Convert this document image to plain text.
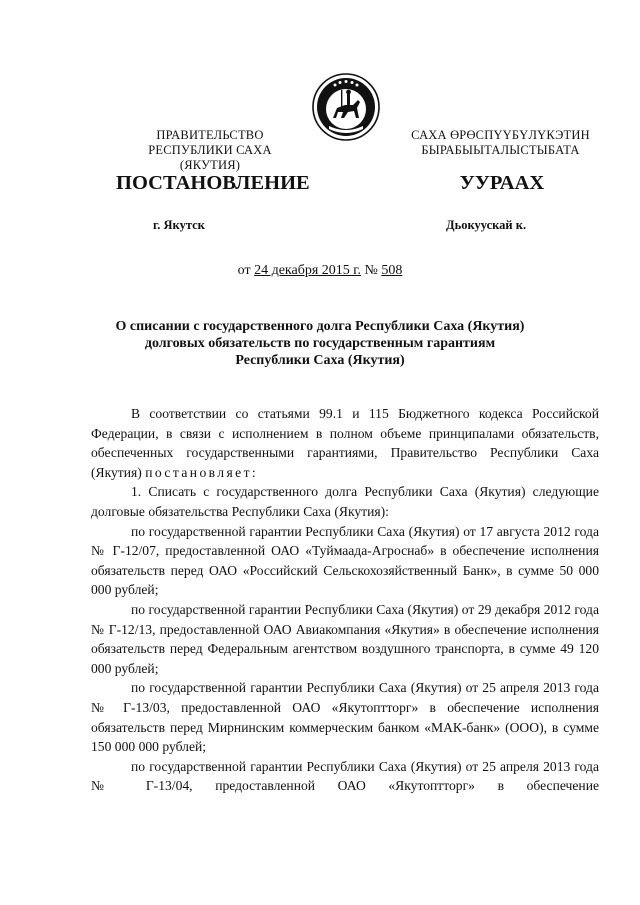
ПРАВИТЕЛЬСТВО
РЕСПУБЛИКИ САХА (ЯКУТИЯ)
САХА ӨРӨСПҮҮБҮЛҮКЭТИН
БЫРАБЫЫТАЛЫСТЫБАТА
ПОСТАНОВЛЕНИЕ	УУРААХ
г. Якутск	Дьокуускай к.
от 24 декабря 2015 г. № 508
О списании с государственного долга Республики Саха (Якутия)
долговых обязательств по государственным гарантиям
Республики Саха (Якутия)

В соответствии со статьями 99.1 и 115 Бюджетного кодекса Российской Федерации, в связи с исполнением в полном объеме принципалами обязательств, обеспеченных государственными гарантиями, Правительство Республики Саха (Якутия) постановляет:

1. Списать с государственного долга Республики Саха (Якутия) следующие долговые обязательства Республики Саха (Якутия):

по государственной гарантии Республики Саха (Якутия) от 17 августа 2012 года № Г-12/07, предоставленной ОАО «Туймаада-Агроснаб» в обеспечение исполнения обязательств перед ОАО «Российский Сельскохозяйственный Банк», в сумме 50 000 000 рублей;

по государственной гарантии Республики Саха (Якутия) от 29 декабря 2012 года № Г-12/13, предоставленной ОАО Авиакомпания «Якутия» в обеспечение исполнения обязательств перед Федеральным агентством воздушного транспорта, в сумме 49 120 000 рублей;

по государственной гарантии Республики Саха (Якутия) от 25 апреля 2013 года № Г-13/03, предоставленной ОАО «Якутоптторг» в обеспечение исполнения обязательств перед Мирнинским коммерческим банком «МАК-банк» (ООО), в сумме 150 000 000 рублей;

по государственной гарантии Республики Саха (Якутия) от 25 апреля 2013 года № Г-13/04, предоставленной ОАО «Якутоптторг» в обеспечение
